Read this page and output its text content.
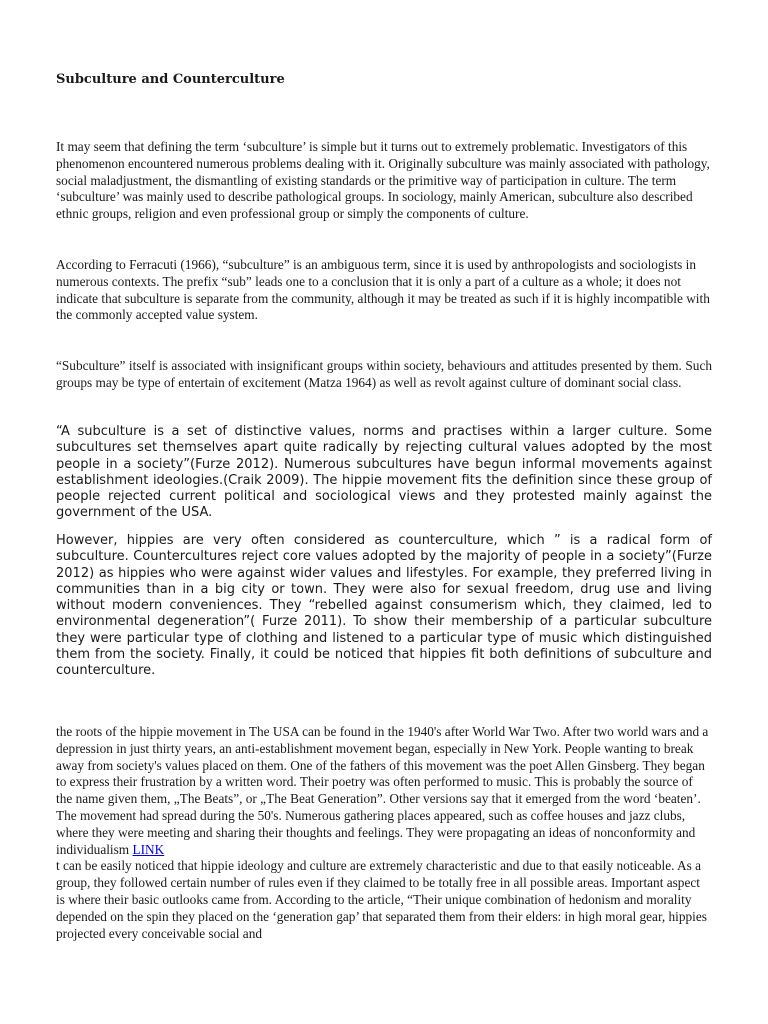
Subculture and Counterculture

It may seem that defining the term ‘subculture’ is simple but it turns out to extremely problematic. Investigators of this phenomenon encountered numerous problems dealing with it. Originally subculture was mainly associated with pathology, social maladjustment, the dismantling of existing standards or the primitive way of participation in culture. The term ‘subculture’ was mainly used to describe pathological groups. In sociology, mainly American, subculture also described ethnic groups, religion and even professional group or simply the components of culture.

According to Ferracuti (1966), “subculture” is an ambiguous term, since it is used by anthropologists and sociologists in numerous contexts. The prefix “sub” leads one to a conclusion that it is only a part of a culture as a whole; it does not indicate that subculture is separate from the community, although it may be treated as such if it is highly incompatible with the commonly accepted value system.

“Subculture” itself is associated with insignificant groups within society, behaviours and attitudes presented by them. Such groups may be type of entertain of excitement (Matza 1964) as well as revolt against culture of dominant social class.

“A subculture is a set of distinctive values, norms and practises within a larger culture. Some subcultures set themselves apart quite radically by rejecting cultural values adopted by the most people in a society”(Furze 2012). Numerous subcultures have begun informal movements against establishment ideologies.(Craik 2009). The hippie movement fits the definition since these group of people rejected current political and sociological views and they protested mainly against the government of the USA.

However, hippies are very often considered as counterculture, which ” is a radical form of subculture. Countercultures reject core values adopted by the majority of people in a society”(Furze 2012) as hippies who were against wider values and lifestyles. For example, they preferred living in communities than in a big city or town. They were also for sexual freedom, drug use and living without modern conveniences. They “rebelled against consumerism which, they claimed, led to environmental degeneration”( Furze 2011). To show their membership of a particular subculture they were particular type of clothing and listened to a particular type of music which distinguished them from the society. Finally, it could be noticed that hippies fit both definitions of subculture and counterculture.

the roots of the hippie movement in The USA can be found in the 1940's after World War Two. After two world wars and a depression in just thirty years, an anti-establishment movement began, especially in New York. People wanting to break away from society's values placed on them. One of the fathers of this movement was the poet Allen Ginsberg. They began to express their frustration by a written word. Their poetry was often performed to music. This is probably the source of the name given them, „The Beats”, or „The Beat Generation”. Other versions say that it emerged from the word ‘beaten’. The movement had spread during the 50's. Numerous gathering places appeared, such as coffee houses and jazz clubs, where they were meeting and sharing their thoughts and feelings. They were propagating an ideas of nonconformity and individualism LINK
t can be easily noticed that hippie ideology and culture are extremely characteristic and due to that easily noticeable. As a group, they followed certain number of rules even if they claimed to be totally free in all possible areas. Important aspect is where their basic outlooks came from. According to the article, “Their unique combination of hedonism and morality depended on the spin they placed on the ‘generation gap’ that separated them from their elders: in high moral gear, hippies projected every conceivable social and
